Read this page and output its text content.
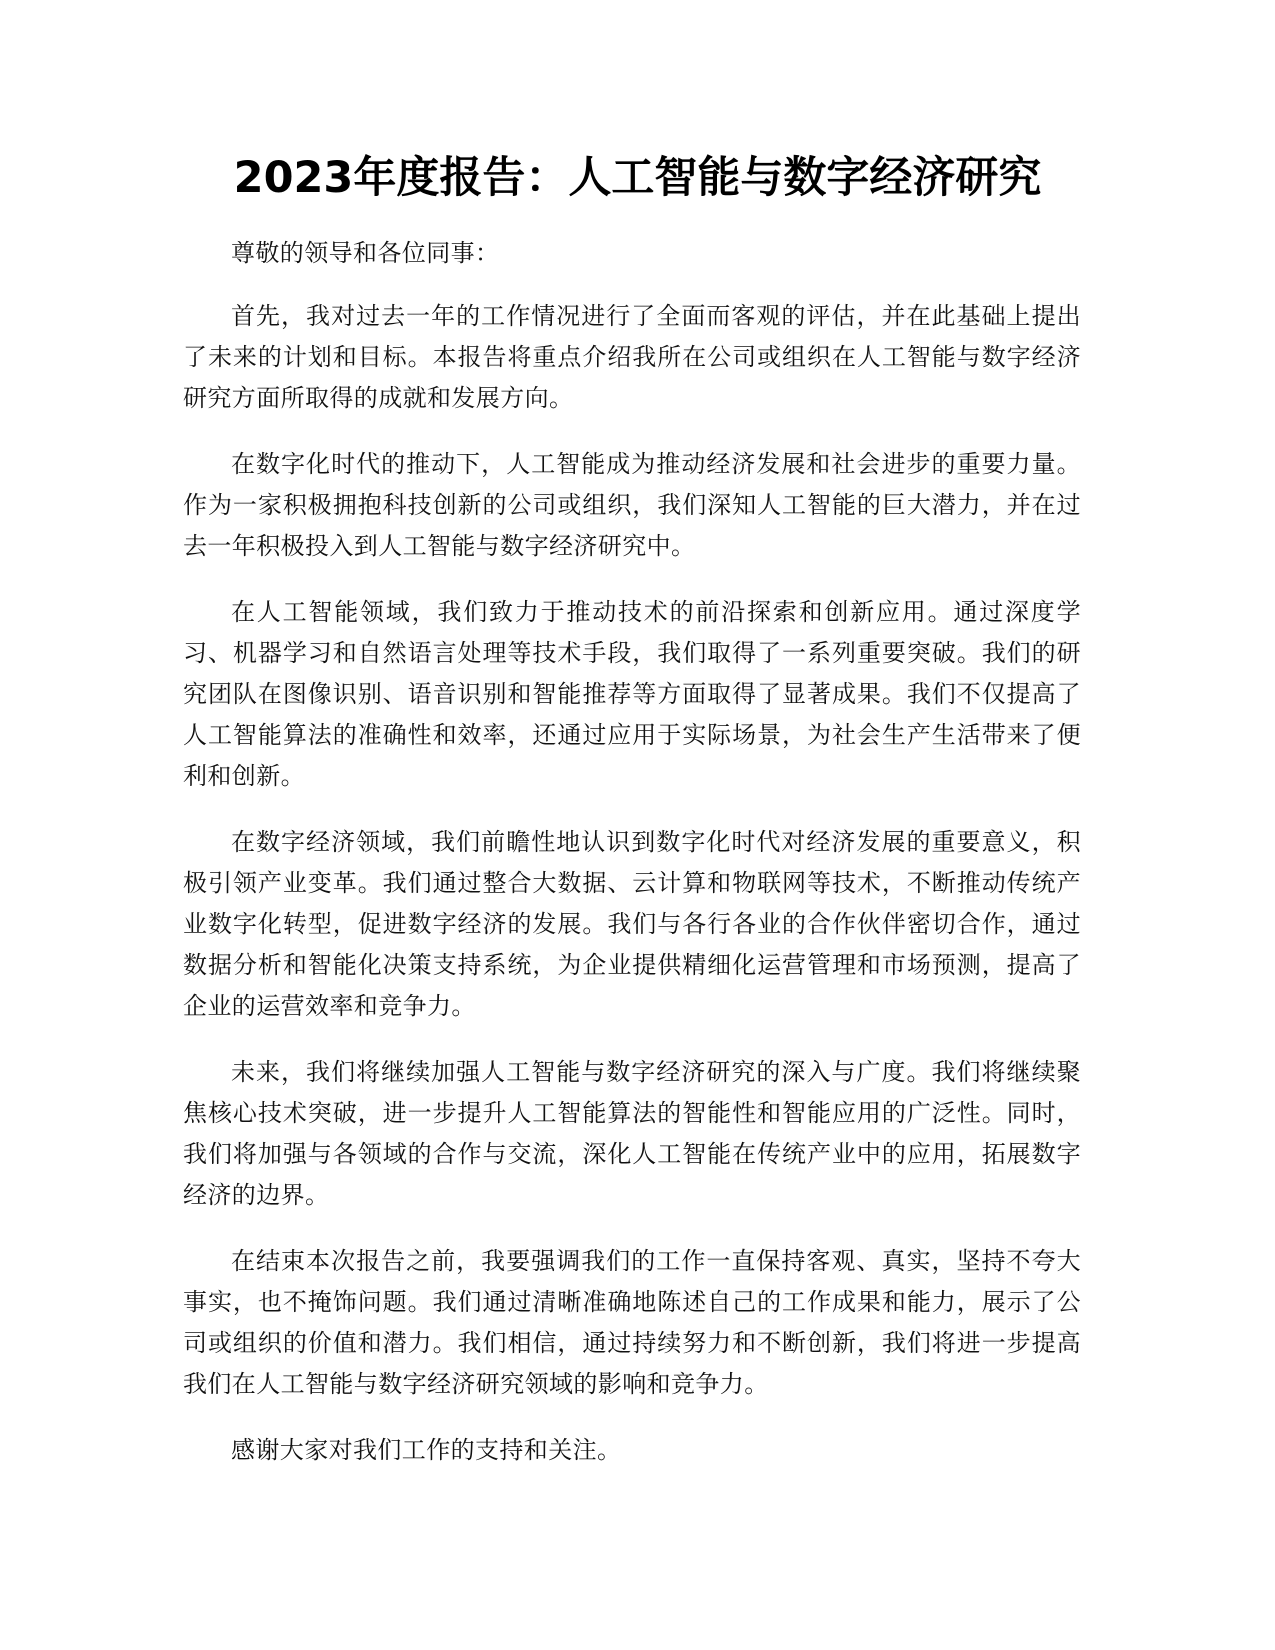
2023年度报告：人工智能与数字经济研究

尊敬的领导和各位同事：

首先，我对过去一年的工作情况进行了全面而客观的评估，并在此基础上提出了未来的计划和目标。本报告将重点介绍我所在公司或组织在人工智能与数字经济研究方面所取得的成就和发展方向。

在数字化时代的推动下，人工智能成为推动经济发展和社会进步的重要力量。作为一家积极拥抱科技创新的公司或组织，我们深知人工智能的巨大潜力，并在过去一年积极投入到人工智能与数字经济研究中。

在人工智能领域，我们致力于推动技术的前沿探索和创新应用。通过深度学习、机器学习和自然语言处理等技术手段，我们取得了一系列重要突破。我们的研究团队在图像识别、语音识别和智能推荐等方面取得了显著成果。我们不仅提高了人工智能算法的准确性和效率，还通过应用于实际场景，为社会生产生活带来了便利和创新。

在数字经济领域，我们前瞻性地认识到数字化时代对经济发展的重要意义，积极引领产业变革。我们通过整合大数据、云计算和物联网等技术，不断推动传统产业数字化转型，促进数字经济的发展。我们与各行各业的合作伙伴密切合作，通过数据分析和智能化决策支持系统，为企业提供精细化运营管理和市场预测，提高了企业的运营效率和竞争力。

未来，我们将继续加强人工智能与数字经济研究的深入与广度。我们将继续聚焦核心技术突破，进一步提升人工智能算法的智能性和智能应用的广泛性。同时，我们将加强与各领域的合作与交流，深化人工智能在传统产业中的应用，拓展数字经济的边界。

在结束本次报告之前，我要强调我们的工作一直保持客观、真实，坚持不夸大事实，也不掩饰问题。我们通过清晰准确地陈述自己的工作成果和能力，展示了公司或组织的价值和潜力。我们相信，通过持续努力和不断创新，我们将进一步提高我们在人工智能与数字经济研究领域的影响和竞争力。

感谢大家对我们工作的支持和关注。
